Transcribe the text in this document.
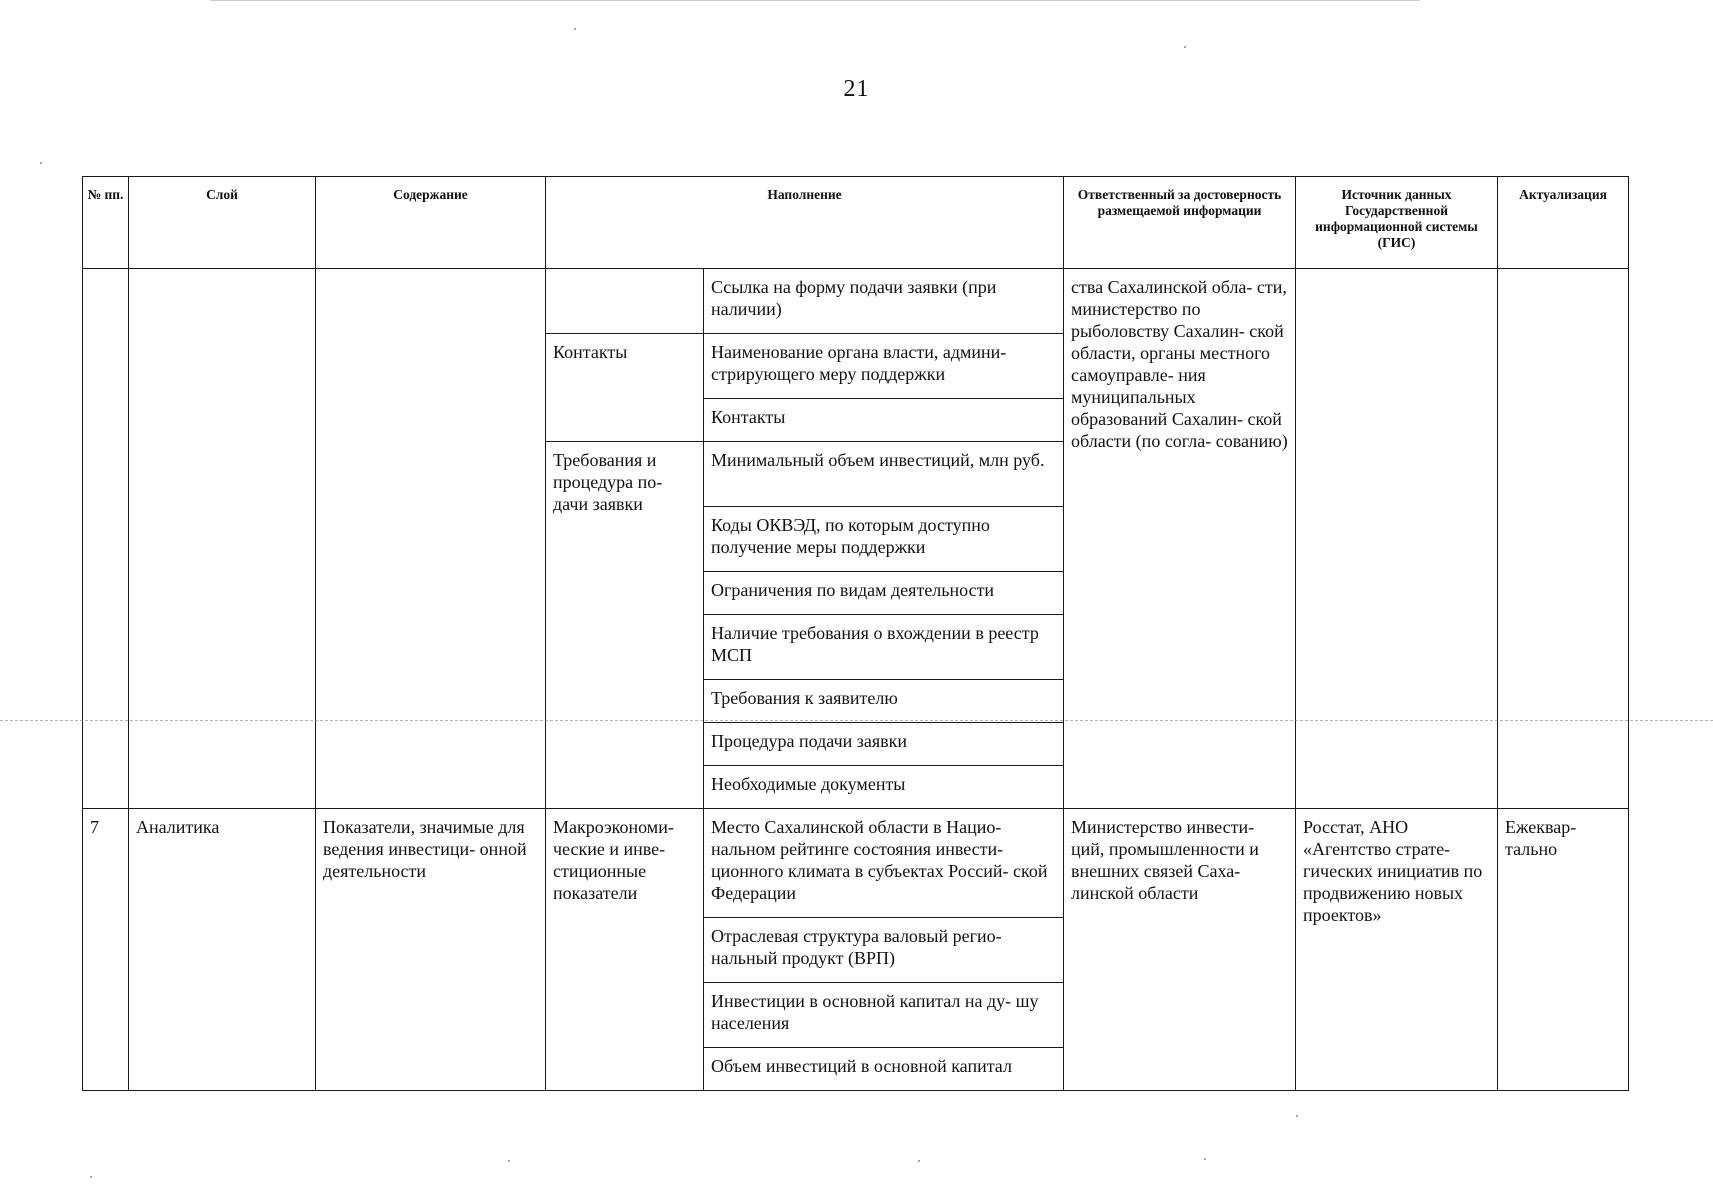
21
№ пп.	Слой	Содержание	Наполнение		Ответственный за достоверность размещаемой информации	Источник данных Государственной информационной системы (ГИС)	Актуализация
				Ссылка на форму подачи заявки (при наличии)	ства Сахалинской обла- сти, министерство по рыболовству Сахалин- ской области, органы местного самоуправле- ния муниципальных образований Сахалин- ской области (по согла- сованию)		
			Контакты	Наименование органа власти, админи- стрирующего меру поддержки			
				Контакты			
			Требования и процедура по- дачи заявки	Минимальный объем инвестиций, млн руб.			
				Коды ОКВЭД, по которым доступно получение меры поддержки			
				Ограничения по видам деятельности			
				Наличие требования о вхождении в реестр МСП			
				Требования к заявителю			
				Процедура подачи заявки			
				Необходимые документы			
7	Аналитика	Показатели, значимые для ведения инвестици- онной деятельности	Макроэкономи- ческие и инве- стиционные показатели	Место Сахалинской области в Нацио- нальном рейтинге состояния инвести- ционного климата в субъектах Россий- ской Федерации	Министерство инвести- ций, промышленности и внешних связей Саха- линской области	Росстат, АНО «Агентство страте- гических инициатив по продвижению новых проектов»	Ежеквар- тально
				Отраслевая структура валовый регио- нальный продукт (ВРП)			
				Инвестиции в основной капитал на ду- шу населения			
				Объем инвестиций в основной капитал			
